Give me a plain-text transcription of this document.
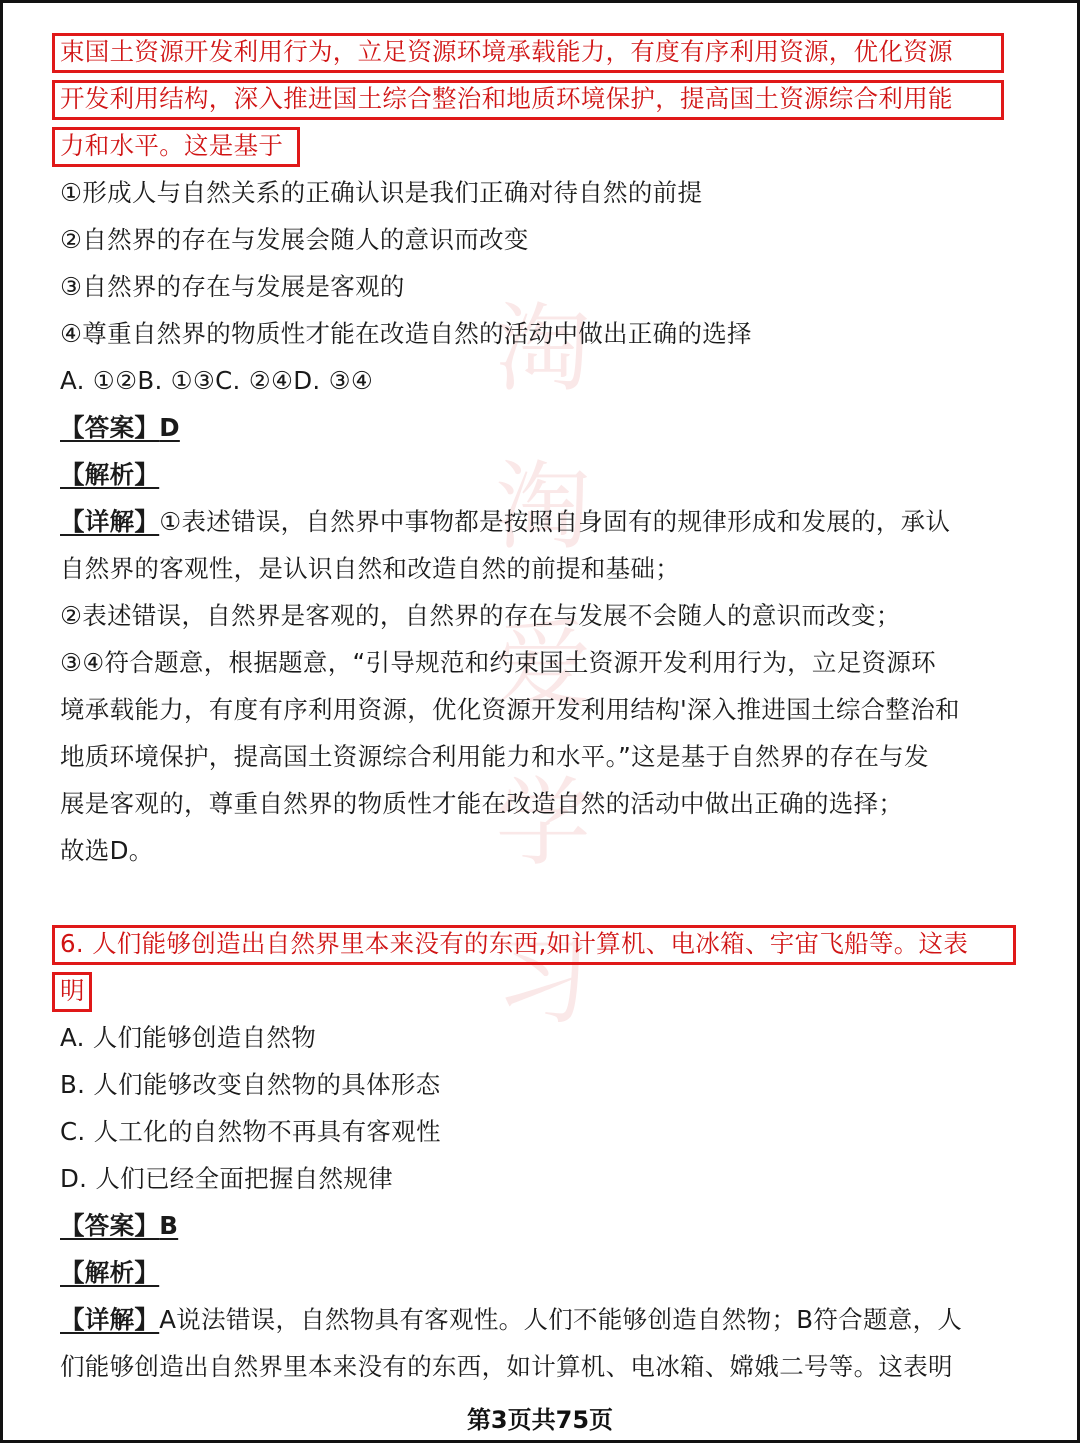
淘
淘
爱
学
习
束国土资源开发利用行为，立足资源环境承载能力，有度有序利用资源，优化资源
开发利用结构，深入推进国土综合整治和地质环境保护，提高国土资源综合利用能
力和水平。这是基于
①形成人与自然关系的正确认识是我们正确对待自然的前提
②自然界的存在与发展会随人的意识而改变
③自然界的存在与发展是客观的
④尊重自然界的物质性才能在改造自然的活动中做出正确的选择
A. ①②B. ①③C. ②④D. ③④
【答案】D
【解析】
【详解】①表述错误，自然界中事物都是按照自身固有的规律形成和发展的，承认
自然界的客观性，是认识自然和改造自然的前提和基础；
②表述错误，自然界是客观的，自然界的存在与发展不会随人的意识而改变；
③④符合题意，根据题意，“引导规范和约束国土资源开发利用行为，立足资源环
境承载能力，有度有序利用资源，优化资源开发利用结构'深入推进国土综合整治和
地质环境保护，提高国土资源综合利用能力和水平。”这是基于自然界的存在与发
展是客观的，尊重自然界的物质性才能在改造自然的活动中做出正确的选择；
故选D。
6. 人们能够创造出自然界里本来没有的东西,如计算机、电冰箱、宇宙飞船等。这表
明
A. 人们能够创造自然物
B. 人们能够改变自然物的具体形态
C. 人工化的自然物不再具有客观性
D. 人们已经全面把握自然规律
【答案】B
【解析】
【详解】A说法错误，自然物具有客观性。人们不能够创造自然物；B符合题意，人
们能够创造出自然界里本来没有的东西，如计算机、电冰箱、嫦娥二号等。这表明
第3页共75页
